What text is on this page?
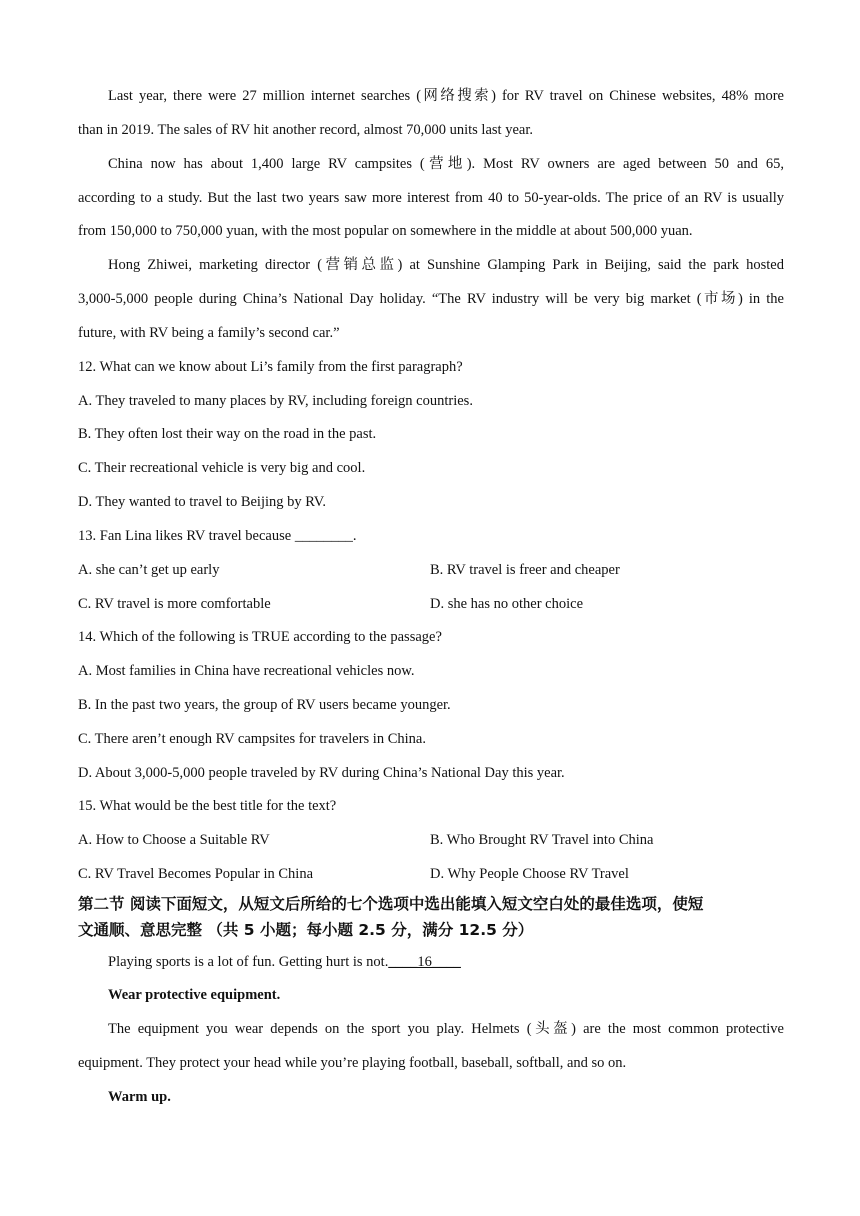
Last year, there were 27 million internet searches (网络搜索) for RV travel on Chinese websites, 48% more
than in 2019. The sales of RV hit another record, almost 70,000 units last year.
China now has about 1,400 large RV campsites (营地). Most RV owners are aged between 50 and 65,
according to a study. But the last two years saw more interest from 40 to 50-year-olds. The price of an RV is usually
from 150,000 to 750,000 yuan, with the most popular on somewhere in the middle at about 500,000 yuan.
Hong Zhiwei, marketing director (营销总监) at Sunshine Glamping Park in Beijing, said the park hosted
3,000-5,000 people during China’s National Day holiday. “The RV industry will be very big market (市场) in the
future, with RV being a family’s second car.”
12. What can we know about Li’s family from the first paragraph?
A. They traveled to many places by RV, including foreign countries.
B. They often lost their way on the road in the past.
C. Their recreational vehicle is very big and cool.
D. They wanted to travel to Beijing by RV.
13. Fan Lina likes RV travel because ________.
A. she can’t get up early	B. RV travel is freer and cheaper
C. RV travel is more comfortable	D. she has no other choice
14. Which of the following is TRUE according to the passage?
A. Most families in China have recreational vehicles now.
B. In the past two years, the group of RV users became younger.
C. There aren’t enough RV campsites for travelers in China.
D. About 3,000-5,000 people traveled by RV during China’s National Day this year.
15. What would be the best title for the text?
A. How to Choose a Suitable RV	B. Who Brought RV Travel into China
C. RV Travel Becomes Popular in China	D. Why People Choose RV Travel
第二节 阅读下面短文，从短文后所给的七个选项中选出能填入短文空白处的最佳选项，使短
文通顺、意思完整 （共 5 小题；每小题 2.5 分，满分 12.5 分）
Playing sports is a lot of fun. Getting hurt is not.____16____
Wear protective equipment.
The equipment you wear depends on the sport you play. Helmets (头盔) are the most common protective
equipment. They protect your head while you’re playing football, baseball, softball, and so on.
Warm up.
